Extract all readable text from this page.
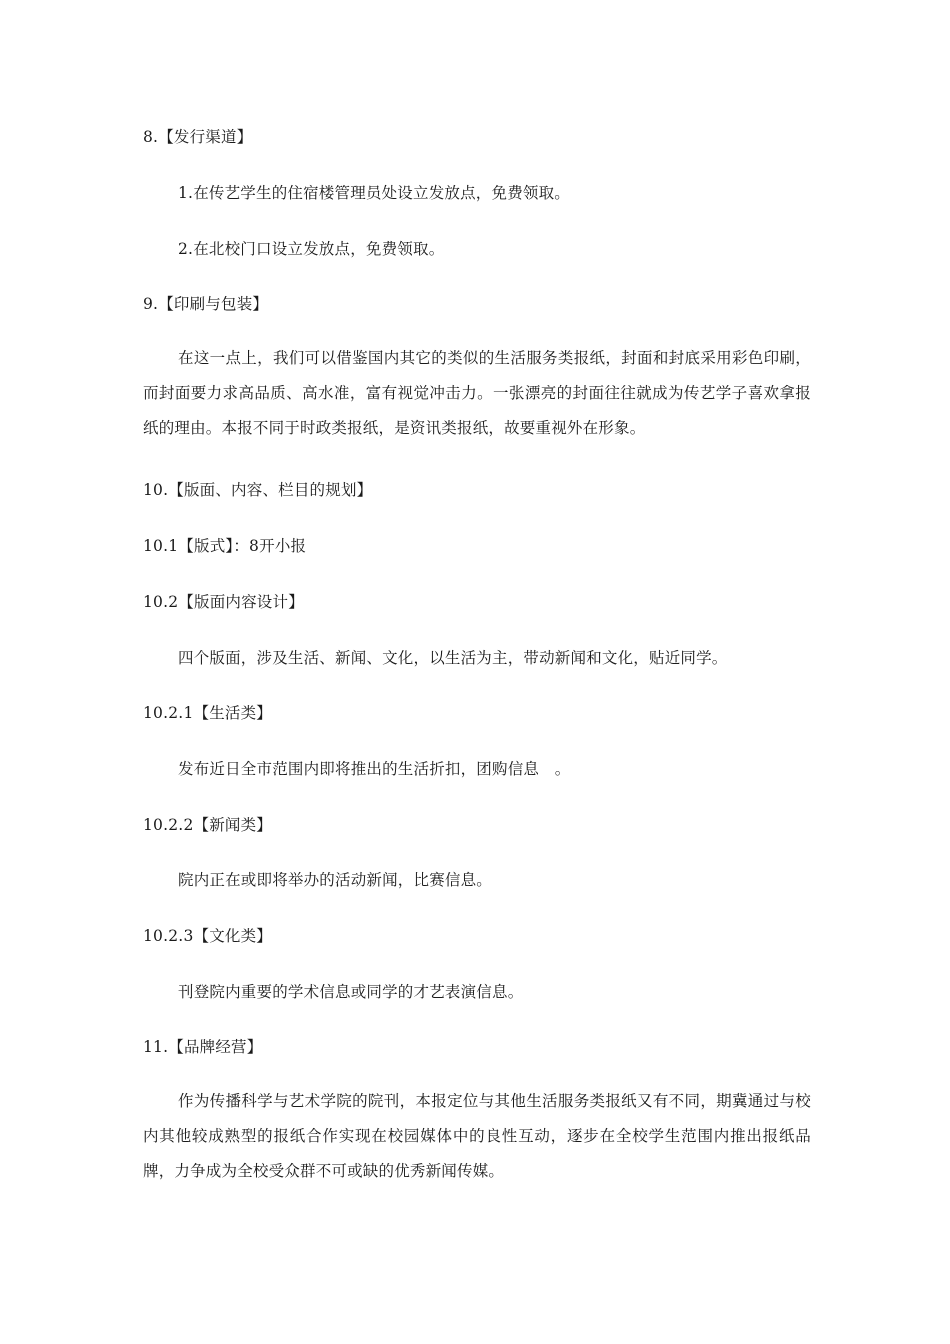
8.【发行渠道】
1.在传艺学生的住宿楼管理员处设立发放点，免费领取。
2.在北校门口设立发放点，免费领取。
9.【印刷与包装】
在这一点上，我们可以借鉴国内其它的类似的生活服务类报纸，封面和封底采用彩色印刷，而封面要力求高品质、高水准，富有视觉冲击力。一张漂亮的封面往往就成为传艺学子喜欢拿报纸的理由。本报不同于时政类报纸，是资讯类报纸，故要重视外在形象。
10.【版面、内容、栏目的规划】
10.1【版式】：8开小报
10.2【版面内容设计】
四个版面，涉及生活、新闻、文化，以生活为主，带动新闻和文化，贴近同学。
10.2.1【生活类】
发布近日全市范围内即将推出的生活折扣，团购信息　。
10.2.2【新闻类】
院内正在或即将举办的活动新闻，比赛信息。
10.2.3【文化类】
刊登院内重要的学术信息或同学的才艺表演信息。
11.【品牌经营】
作为传播科学与艺术学院的院刊，本报定位与其他生活服务类报纸又有不同，期冀通过与校内其他较成熟型的报纸合作实现在校园媒体中的良性互动，逐步在全校学生范围内推出报纸品牌，力争成为全校受众群不可或缺的优秀新闻传媒。
